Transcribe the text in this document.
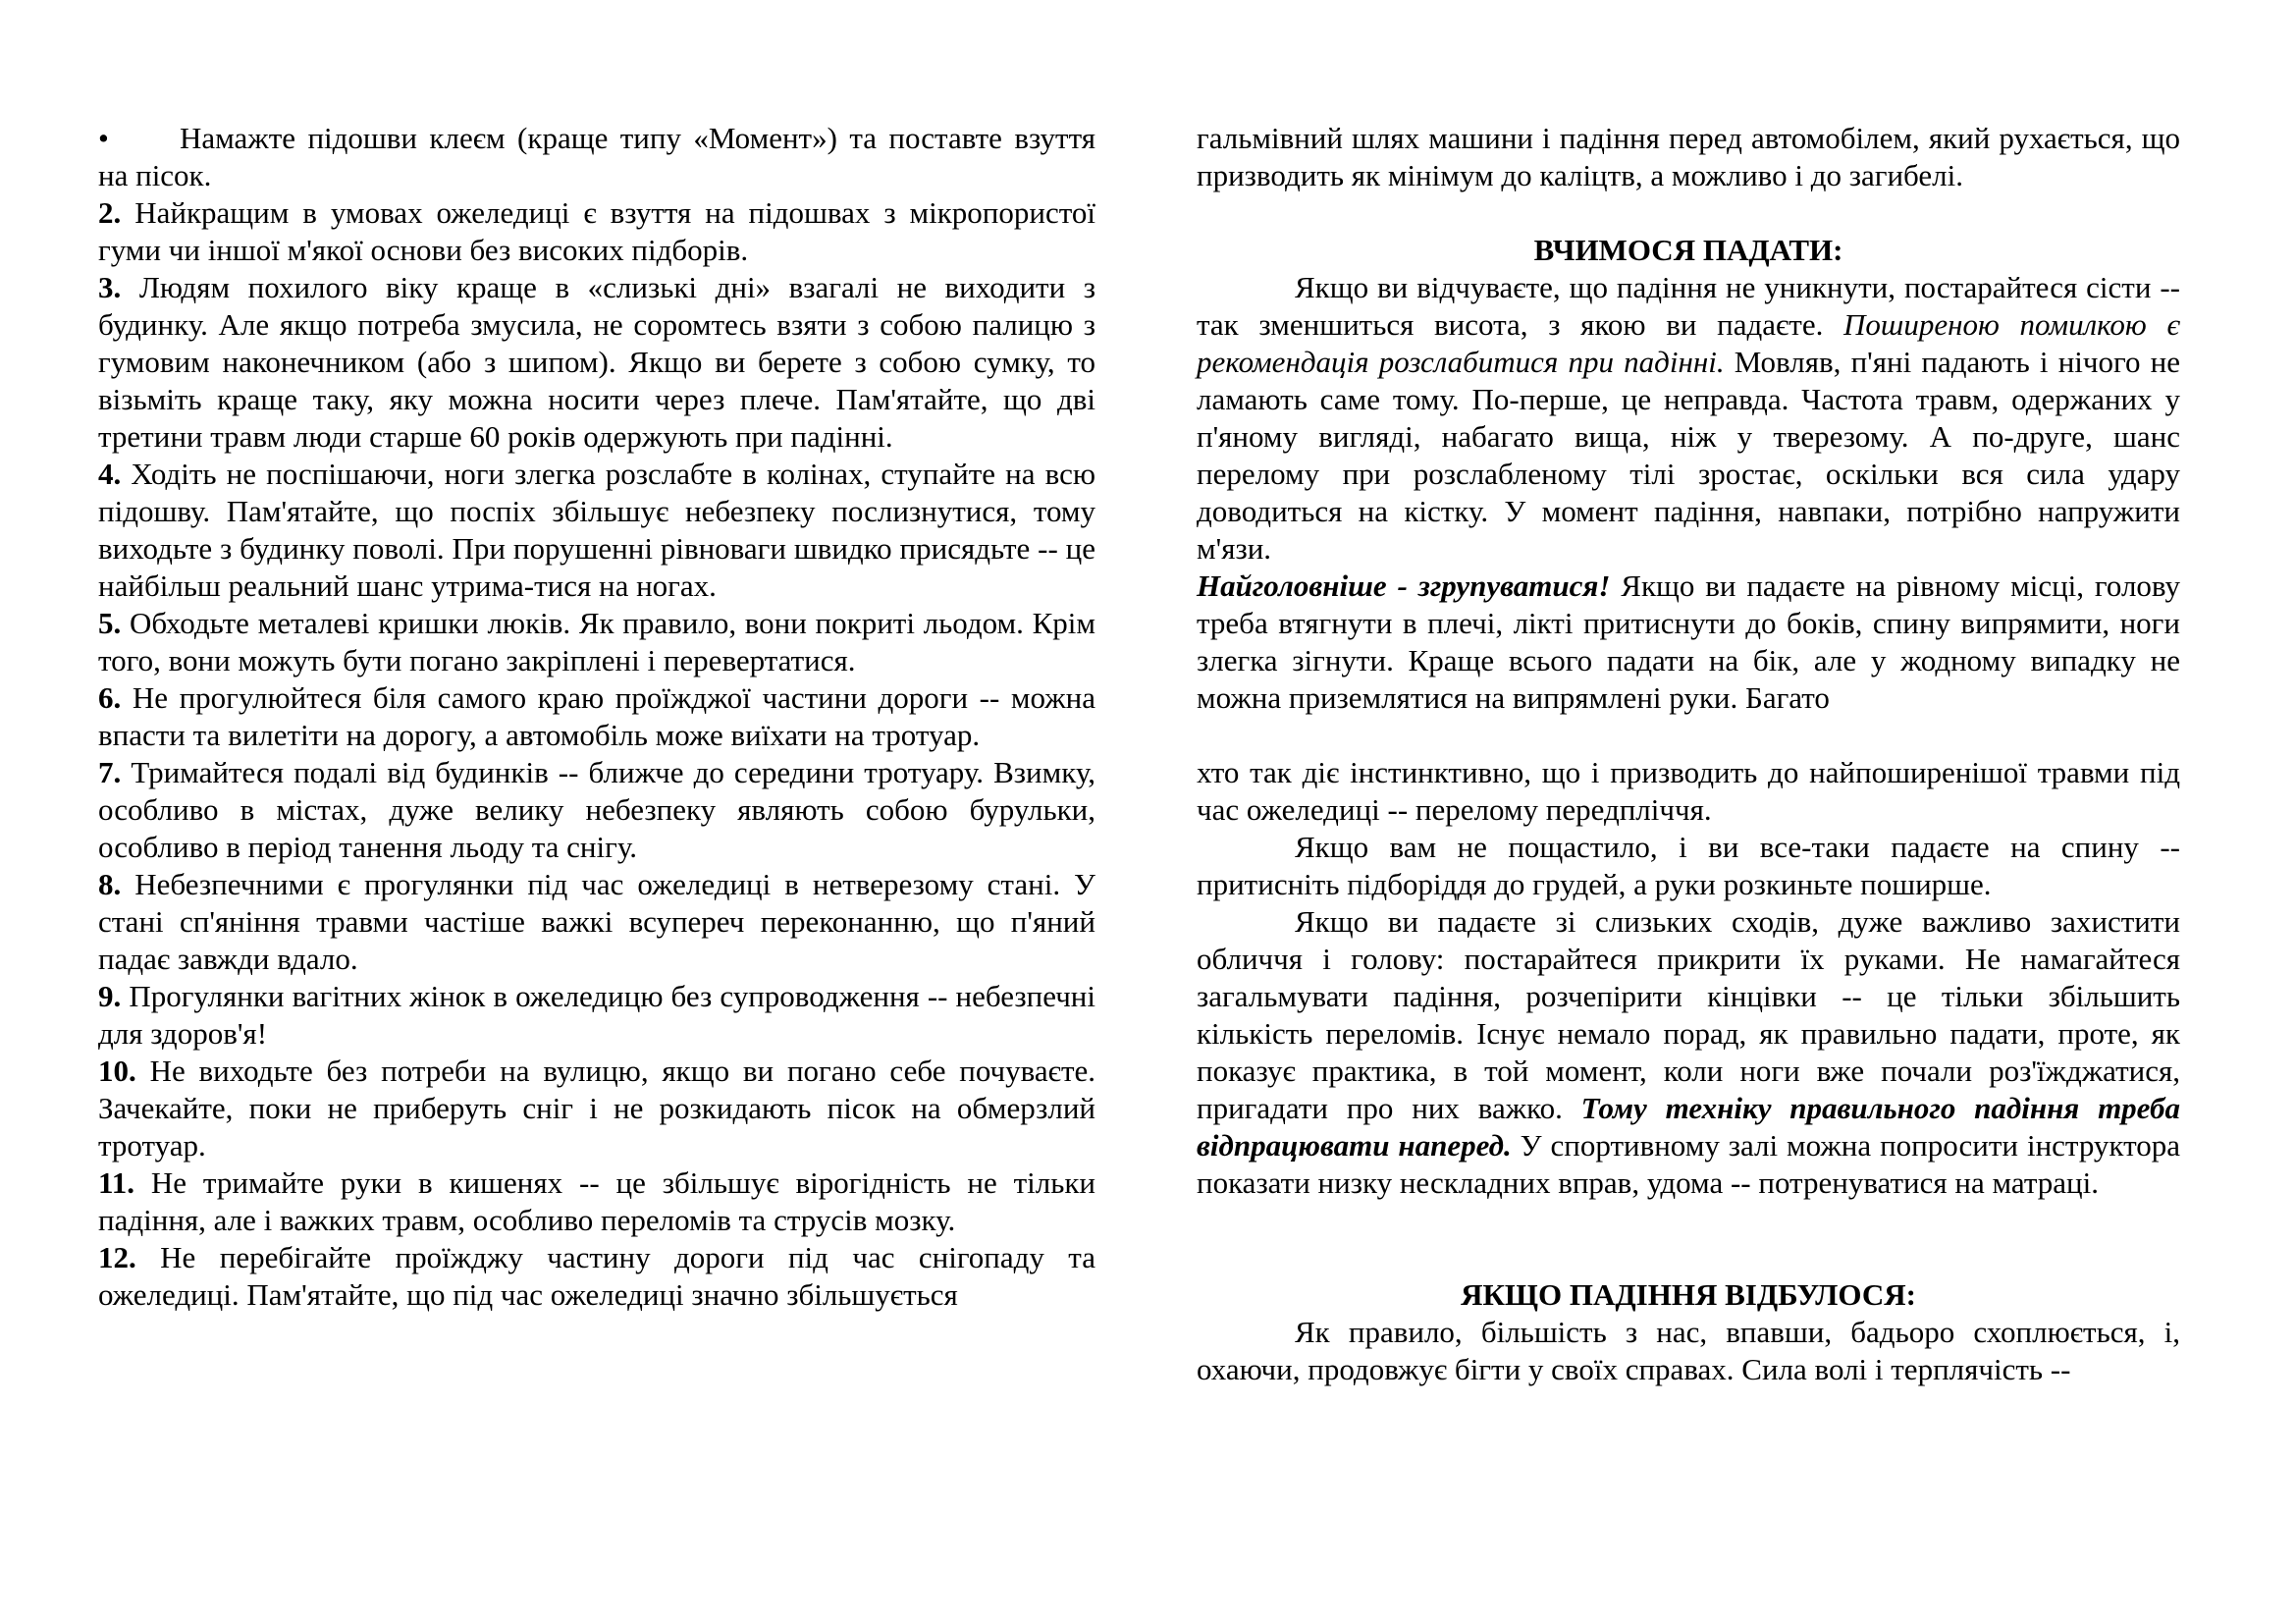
• Намажте підошви клеєм (краще типу «Момент») та поставте взуття на пісок.

2. Найкращим в умовах ожеледиці є взуття на підошвах з мікропористої гуми чи іншої м'якої основи без високих підборів.

3. Людям похилого віку краще в «слизькі дні» взагалі не виходити з будинку. Але якщо потреба змусила, не соромтесь взяти з собою палицю з гумовим наконечником (або з шипом). Якщо ви берете з собою сумку, то візьміть краще таку, яку можна носити через плече. Пам'ятайте, що дві третини травм люди старше 60 років одержують при падінні.

4. Ходіть не поспішаючи, ноги злегка розслабте в колінах, ступайте на всю підошву. Пам'ятайте, що поспіх збільшує небезпеку послизнутися, тому виходьте з будинку поволі. При порушенні рівноваги швидко присядьте -- це найбільш реальний шанс утрима-тися на ногах.

5. Обходьте металеві кришки люків. Як правило, вони покриті льодом. Крім того, вони можуть бути погано закріплені і перевертатися.

6. Не прогулюйтеся біля самого краю проїжджої частини дороги -- можна впасти та вилетіти на дорогу, а автомобіль може виїхати на тротуар.

7. Тримайтеся подалі від будинків -- ближче до середини тротуару. Взимку, особливо в містах, дуже велику небезпеку являють собою бурульки, особливо в період танення льоду та снігу.

8. Небезпечними є прогулянки під час ожеледиці в нетверезому стані. У стані сп'яніння травми частіше важкі всупереч переконанню, що п'яний падає завжди вдало.

9. Прогулянки вагітних жінок в ожеледицю без супроводження -- небезпечні для здоров'я!

10. Не виходьте без потреби на вулицю, якщо ви погано себе почуваєте. Зачекайте, поки не приберуть сніг і не розкидають пісок на обмерзлий тротуар.

11. Не тримайте руки в кишенях -- це збільшує вірогідність не тільки падіння, але і важких травм, особливо переломів та струсів мозку.

12. Не перебігайте проїжджу частину дороги під час снігопаду та ожеледиці. Пам'ятайте, що під час ожеледиці значно збільшується

гальмівний шлях машини і падіння перед автомобілем, який рухається, що призводить як мінімум до каліцтв, а можливо і до загибелі.

ВЧИМОСЯ ПАДАТИ:

Якщо ви відчуваєте, що падіння не уникнути, постарайтеся сісти -- так зменшиться висота, з якою ви падаєте. Поширеною помилкою є рекомендація розслабитися при падінні. Мовляв, п'яні падають і нічого не ламають саме тому. По-перше, це неправда. Частота травм, одержаних у п'яному вигляді, набагато вища, ніж у тверезому. А по-друге, шанс перелому при розслабленому тілі зростає, оскільки вся сила удару доводиться на кістку. У момент падіння, навпаки, потрібно напружити м'язи.

Найголовніше - згрупуватися! Якщо ви падаєте на рівному місці, голову треба втягнути в плечі, лікті притиснути до боків, спину випрямити, ноги злегка зігнути. Краще всього падати на бік, але у жодному випадку не можна приземлятися на випрямлені руки. Багато

хто так діє інстинктивно, що і призводить до найпоширенішої травми під час ожеледиці -- перелому передпліччя.

Якщо вам не пощастило, і ви все-таки падаєте на спину -- притисніть підборіддя до грудей, а руки розкиньте поширше.

Якщо ви падаєте зі слизьких сходів, дуже важливо захистити обличчя і голову: постарайтеся прикрити їх руками. Не намагайтеся загальмувати падіння, розчепірити кінцівки -- це тільки збільшить кількість переломів. Існує немало порад, як правильно падати, проте, як показує практика, в той момент, коли ноги вже почали роз'їжджатися, пригадати про них важко. Тому техніку правильного падіння треба відпрацювати наперед. У спортивному залі можна попросити інструктора показати низку нескладних вправ, удома -- потренуватися на матраці.

ЯКЩО ПАДІННЯ ВІДБУЛОСЯ:

Як правило, більшість з нас, впавши, бадьоро схоплюється, і, охаючи, продовжує бігти у своїх справах. Сила волі і терплячість --
